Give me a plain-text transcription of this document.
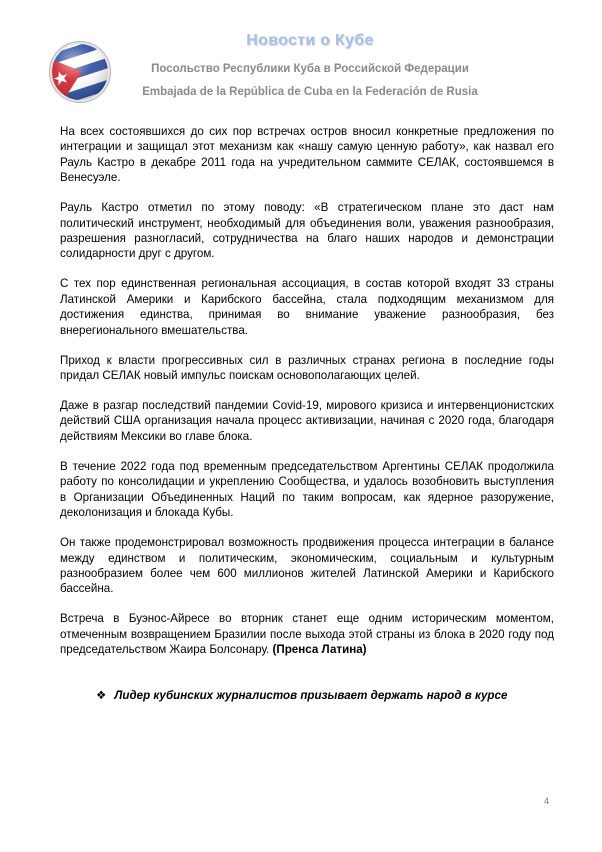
Новости о Кубе
Посольство Республики Куба в Российской Федерации
Embajada de la República de Cuba en la Federación de Rusia

На всех состоявшихся до сих пор встречах остров вносил конкретные предложения по интеграции и защищал этот механизм как «нашу самую ценную работу», как назвал его Рауль Кастро в декабре 2011 года на учредительном саммите СЕЛАК, состоявшемся в Венесуэле.

Рауль Кастро отметил по этому поводу: «В стратегическом плане это даст нам политический инструмент, необходимый для объединения воли, уважения разнообразия, разрешения разногласий, сотрудничества на благо наших народов и демонстрации солидарности друг с другом.

С тех пор единственная региональная ассоциация, в состав которой входят 33 страны Латинской Америки и Карибского бассейна, стала подходящим механизмом для достижения единства, принимая во внимание уважение разнообразия, без внерегионального вмешательства.

Приход к власти прогрессивных сил в различных странах региона в последние годы придал СЕЛАК новый импульс поискам основополагающих целей.

Даже в разгар последствий пандемии Covid-19, мирового кризиса и интервенционистских действий США организация начала процесс активизации, начиная с 2020 года, благодаря действиям Мексики во главе блока.

В течение 2022 года под временным председательством Аргентины СЕЛАК продолжила работу по консолидации и укреплению Сообщества, и удалось возобновить выступления в Организации Объединенных Наций по таким вопросам, как ядерное разоружение, деколонизация и блокада Кубы.

Он также продемонстрировал возможность продвижения процесса интеграции в балансе между единством и политическим, экономическим, социальным и культурным разнообразием более чем 600 миллионов жителей Латинской Америки и Карибского бассейна.

Встреча в Буэнос-Айресе во вторник станет еще одним историческим моментом, отмеченным возвращением Бразилии после выхода этой страны из блока в 2020 году под председательством Жаира Болсонару. (Пренса Латина)

❖ Лидер кубинских журналистов призывает держать народ в курсе
4
